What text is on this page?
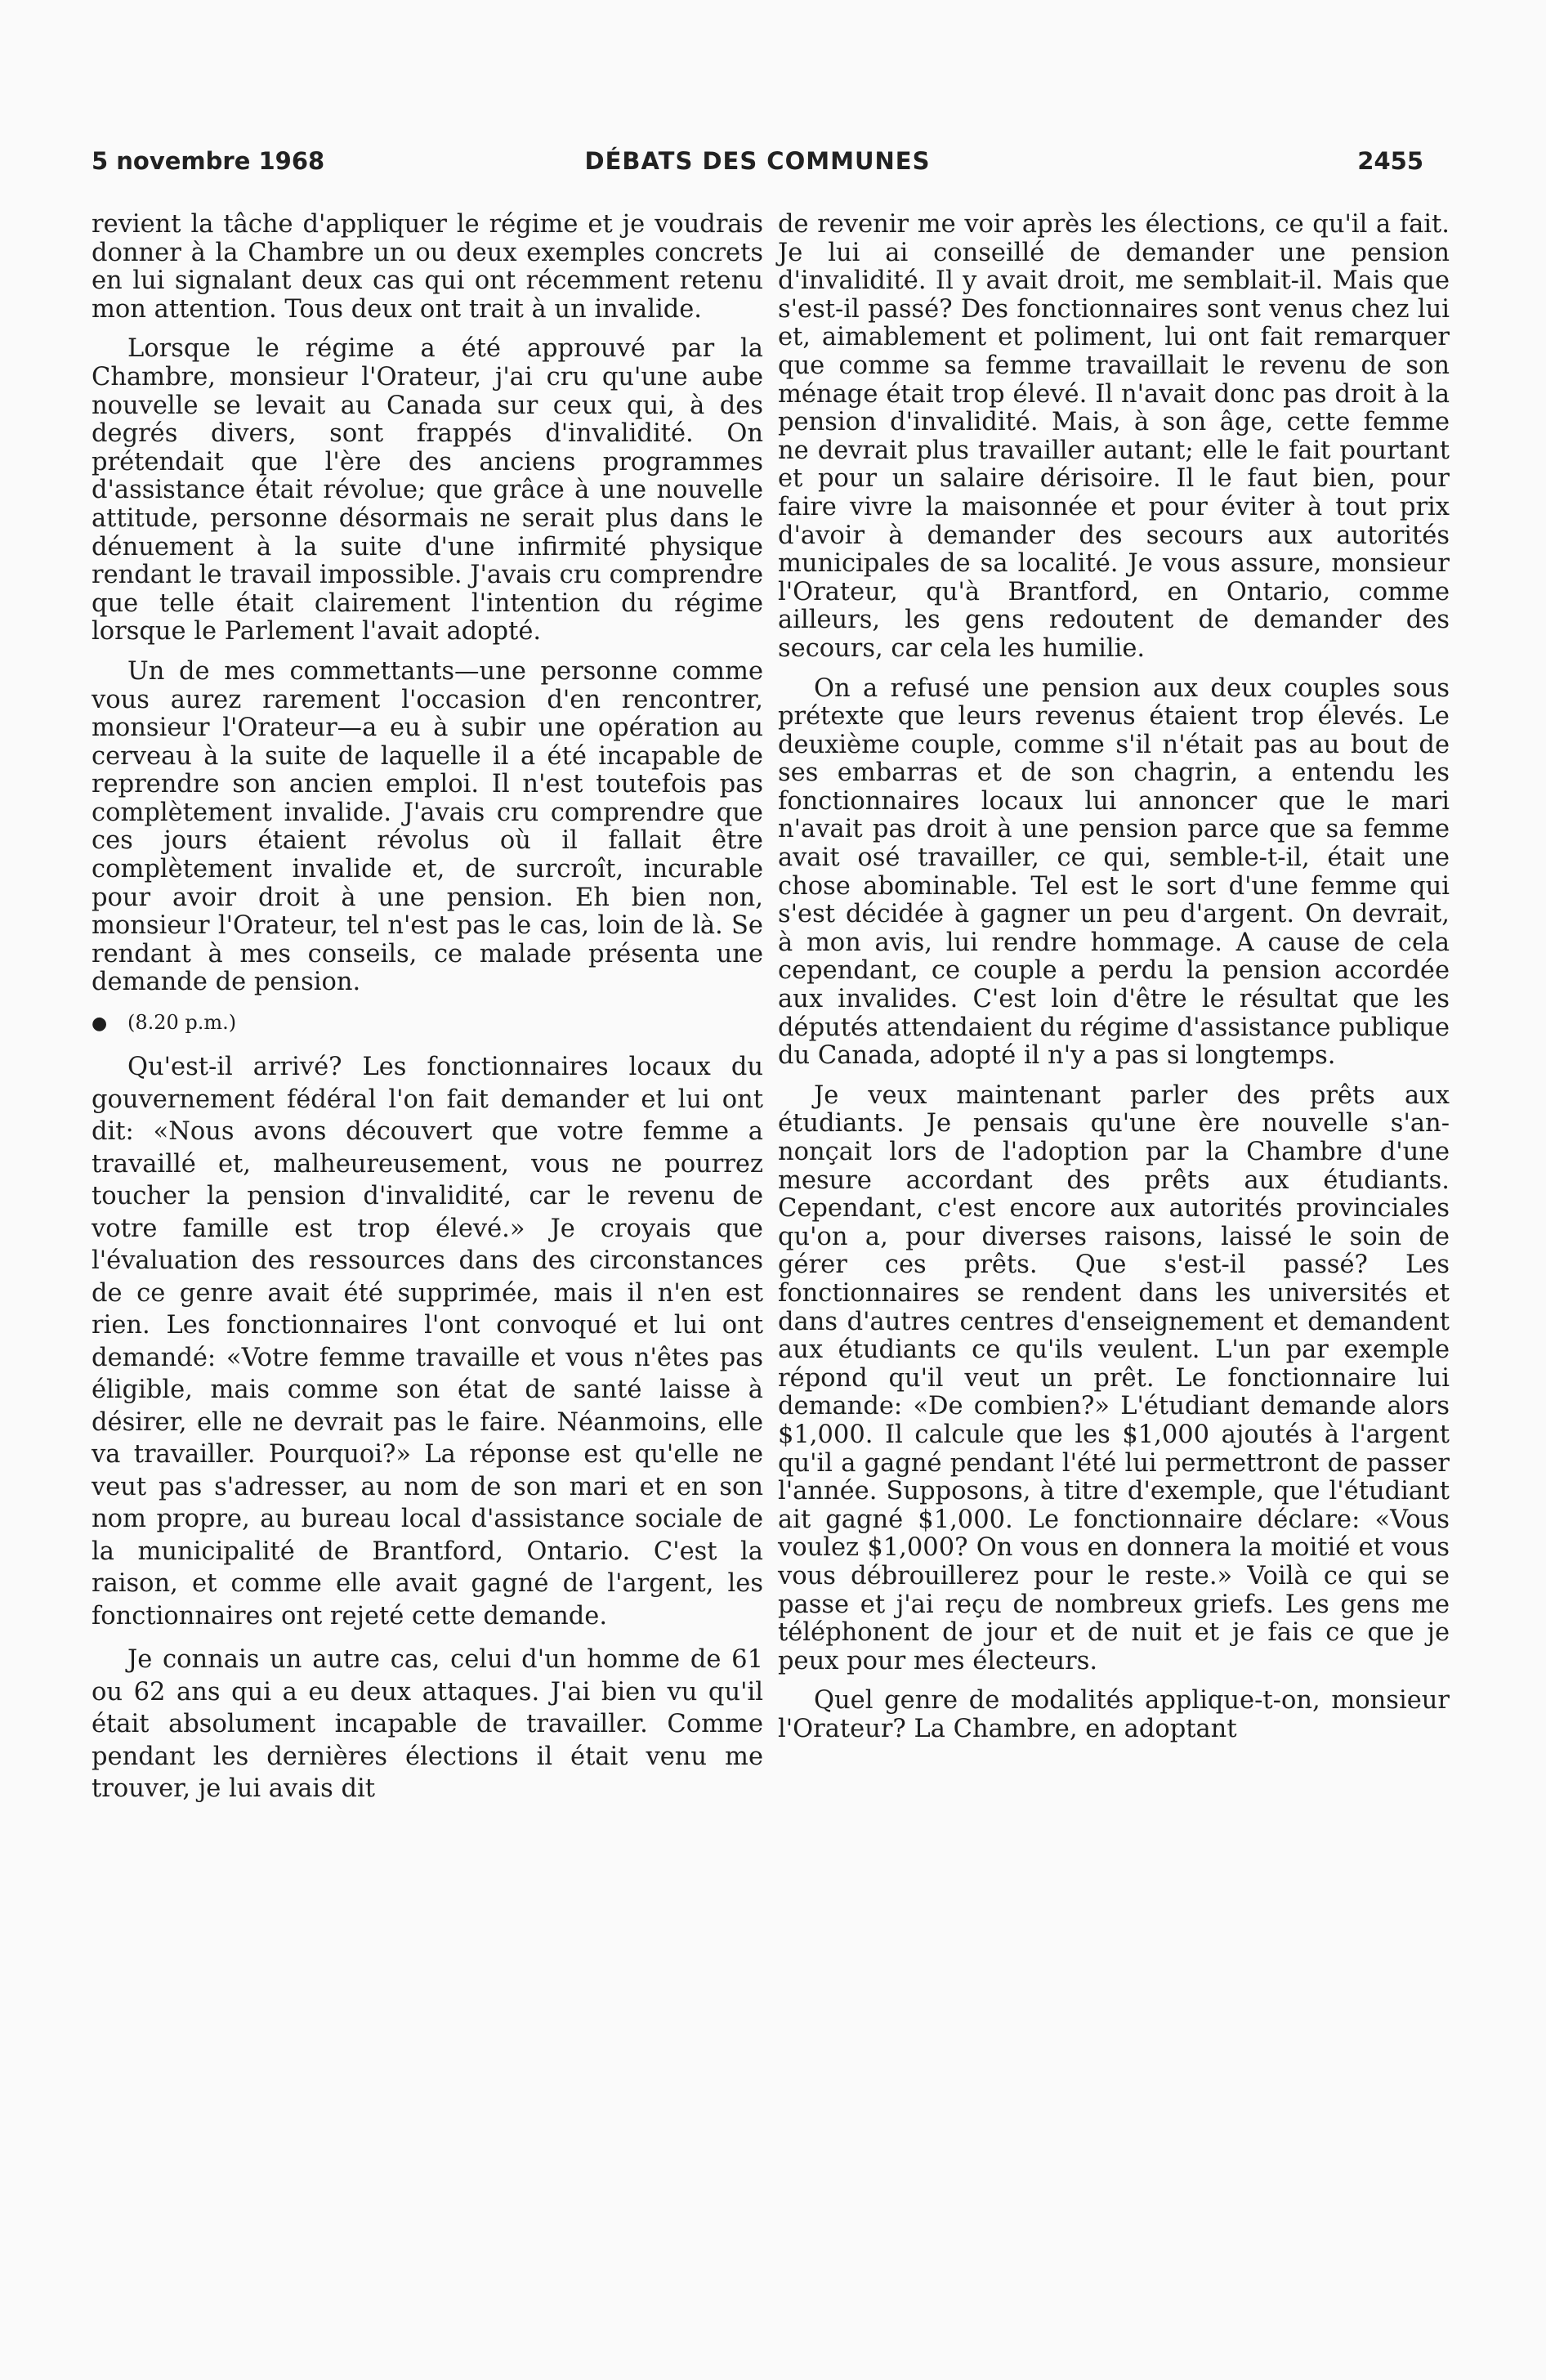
5 novembre 1968	DÉBATS DES COMMUNES	2455

revient la tâche d'appliquer le régime et je voudrais donner à la Chambre un ou deux exemples concrets en lui signalant deux cas qui ont récemment retenu mon attention. Tous deux ont trait à un invalide.

Lorsque le régime a été approuvé par la Chambre, monsieur l'Orateur, j'ai cru qu'une aube nouvelle se levait au Canada sur ceux qui, à des degrés divers, sont frappés d'invalidité. On prétendait que l'ère des anciens programmes d'assistance était révolue; que grâce à une nouvelle attitude, personne désormais ne serait plus dans le dénuement à la suite d'une infirmité physique rendant le travail impossible. J'avais cru comprendre que telle était clairement l'intention du régime lorsque le Parlement l'avait adopté.

Un de mes commettants—une personne comme vous aurez rarement l'occasion d'en rencontrer, monsieur l'Orateur—a eu à subir une opération au cerveau à la suite de laquelle il a été incapable de reprendre son ancien emploi. Il n'est toutefois pas complètement invalide. J'avais cru comprendre que ces jours étaient révolus où il fallait être complètement invalide et, de surcroît, incurable pour avoir droit à une pension. Eh bien non, monsieur l'Orateur, tel n'est pas le cas, loin de là. Se rendant à mes conseils, ce malade présenta une demande de pension.

● (8.20 p.m.)

Qu'est-il arrivé? Les fonctionnaires locaux du gouvernement fédéral l'on fait demander et lui ont dit: «Nous avons découvert que votre femme a travaillé et, malheureusement, vous ne pourrez toucher la pension d'invalidité, car le revenu de votre famille est trop élevé.» Je croyais que l'évaluation des ressources dans des circonstances de ce genre avait été supprimée, mais il n'en est rien. Les fonctionnaires l'ont convoqué et lui ont demandé: «Votre femme travaille et vous n'êtes pas éligible, mais comme son état de santé laisse à désirer, elle ne devrait pas le faire. Néanmoins, elle va travailler. Pourquoi?» La réponse est qu'elle ne veut pas s'adresser, au nom de son mari et en son nom propre, au bureau local d'assistance sociale de la municipalité de Brantford, Ontario. C'est la raison, et comme elle avait gagné de l'argent, les fonctionnaires ont rejeté cette demande.

Je connais un autre cas, celui d'un homme de 61 ou 62 ans qui a eu deux attaques. J'ai bien vu qu'il était absolument incapable de travailler. Comme pendant les dernières élections il était venu me trouver, je lui avais dit

de revenir me voir après les élections, ce qu'il a fait. Je lui ai conseillé de demander une pension d'invalidité. Il y avait droit, me semblait-il. Mais que s'est-il passé? Des fonctionnaires sont venus chez lui et, aimablement et poliment, lui ont fait remarquer que comme sa femme travaillait le revenu de son ménage était trop élevé. Il n'avait donc pas droit à la pension d'invalidité. Mais, à son âge, cette femme ne devrait plus travailler autant; elle le fait pourtant et pour un salaire dérisoire. Il le faut bien, pour faire vivre la maisonnée et pour éviter à tout prix d'avoir à demander des secours aux autorités municipales de sa localité. Je vous assure, monsieur l'Orateur, qu'à Brantford, en Ontario, comme ailleurs, les gens redoutent de demander des secours, car cela les humilie.

On a refusé une pension aux deux couples sous prétexte que leurs revenus étaient trop élevés. Le deuxième couple, comme s'il n'était pas au bout de ses embarras et de son chagrin, a entendu les fonctionnaires locaux lui annoncer que le mari n'avait pas droit à une pension parce que sa femme avait osé travailler, ce qui, semble-t-il, était une chose abominable. Tel est le sort d'une femme qui s'est décidée à gagner un peu d'argent. On devrait, à mon avis, lui rendre hommage. A cause de cela cependant, ce couple a perdu la pension accordée aux invalides. C'est loin d'être le résultat que les députés attendaient du régime d'assistance publique du Canada, adopté il n'y a pas si longtemps.

Je veux maintenant parler des prêts aux étudiants. Je pensais qu'une ère nouvelle s'annonçait lors de l'adoption par la Chambre d'une mesure accordant des prêts aux étudiants. Cependant, c'est encore aux autorités provinciales qu'on a, pour diverses raisons, laissé le soin de gérer ces prêts. Que s'est-il passé? Les fonctionnaires se rendent dans les universités et dans d'autres centres d'enseignement et demandent aux étudiants ce qu'ils veulent. L'un par exemple répond qu'il veut un prêt. Le fonctionnaire lui demande: «De combien?» L'étudiant demande alors $1,000. Il calcule que les $1,000 ajoutés à l'argent qu'il a gagné pendant l'été lui permettront de passer l'année. Supposons, à titre d'exemple, que l'étudiant ait gagné $1,000. Le fonctionnaire déclare: «Vous voulez $1,000? On vous en donnera la moitié et vous vous débrouillerez pour le reste.» Voilà ce qui se passe et j'ai reçu de nombreux griefs. Les gens me téléphonent de jour et de nuit et je fais ce que je peux pour mes électeurs.

Quel genre de modalités applique-t-on, monsieur l'Orateur? La Chambre, en adoptant
